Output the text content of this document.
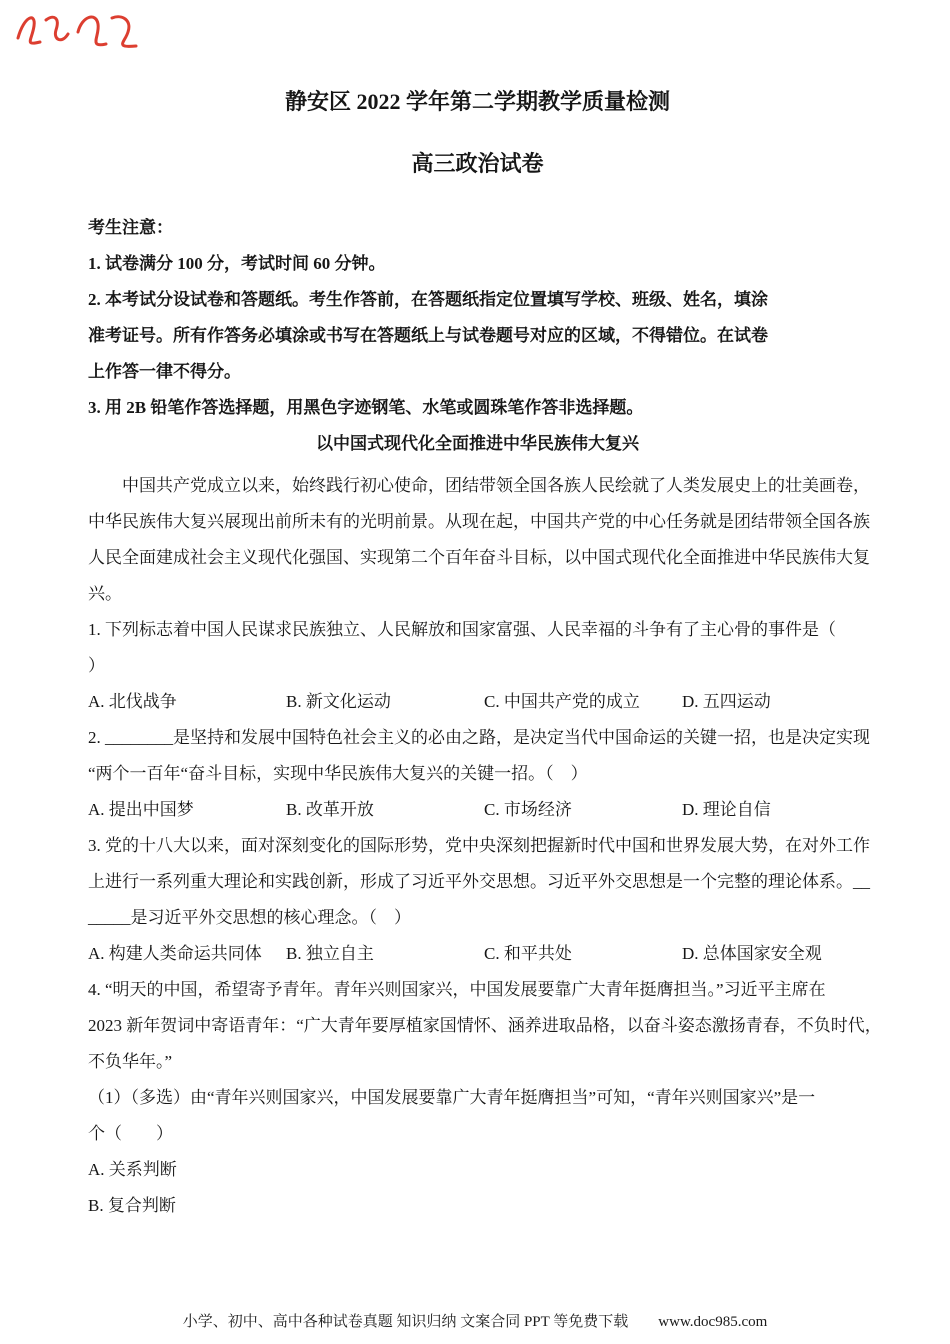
静安区 2022 学年第二学期教学质量检测
高三政治试卷
考生注意：
1. 试卷满分 100 分，考试时间 60 分钟。
2. 本考试分设试卷和答题纸。考生作答前，在答题纸指定位置填写学校、班级、姓名，填涂
准考证号。所有作答务必填涂或书写在答题纸上与试卷题号对应的区域，不得错位。在试卷
上作答一律不得分。
3. 用 2B 铅笔作答选择题，用黑色字迹钢笔、水笔或圆珠笔作答非选择题。
以中国式现代化全面推进中华民族伟大复兴
中国共产党成立以来，始终践行初心使命，团结带领全国各族人民绘就了人类发展史上的壮美画卷，
中华民族伟大复兴展现出前所未有的光明前景。从现在起，中国共产党的中心任务就是团结带领全国各族
人民全面建成社会主义现代化强国、实现第二个百年奋斗目标，以中国式现代化全面推进中华民族伟大复
兴。
1. 下列标志着中国人民谋求民族独立、人民解放和国家富强、人民幸福的斗争有了主心骨的事件是（
）
A. 北伐战争	B. 新文化运动	C. 中国共产党的成立	D. 五四运动
2. ________是坚持和发展中国特色社会主义的必由之路，是决定当代中国命运的关键一招，也是决定实现
“两个一百年“奋斗目标，实现中华民族伟大复兴的关键一招。（　）
A. 提出中国梦	B. 改革开放	C. 市场经济	D. 理论自信
3. 党的十八大以来，面对深刻变化的国际形势，党中央深刻把握新时代中国和世界发展大势，在对外工作
上进行一系列重大理论和实践创新，形成了习近平外交思想。习近平外交思想是一个完整的理论体系。__
_____是习近平外交思想的核心理念。（　）
A. 构建人类命运共同体	B. 独立自主	C. 和平共处	D. 总体国家安全观
4. “明天的中国，希望寄予青年。青年兴则国家兴，中国发展要靠广大青年挺膺担当。”习近平主席在
2023 新年贺词中寄语青年：“广大青年要厚植家国情怀、涵养进取品格，以奋斗姿态激扬青春，不负时代，
不负华年。”
（1）（多选）由“青年兴则国家兴，中国发展要靠广大青年挺膺担当”可知，“青年兴则国家兴”是一
个（　　）
A. 关系判断
B. 复合判断
小学、初中、高中各种试卷真题 知识归纳 文案合同 PPT 等免费下载 www.doc985.com
